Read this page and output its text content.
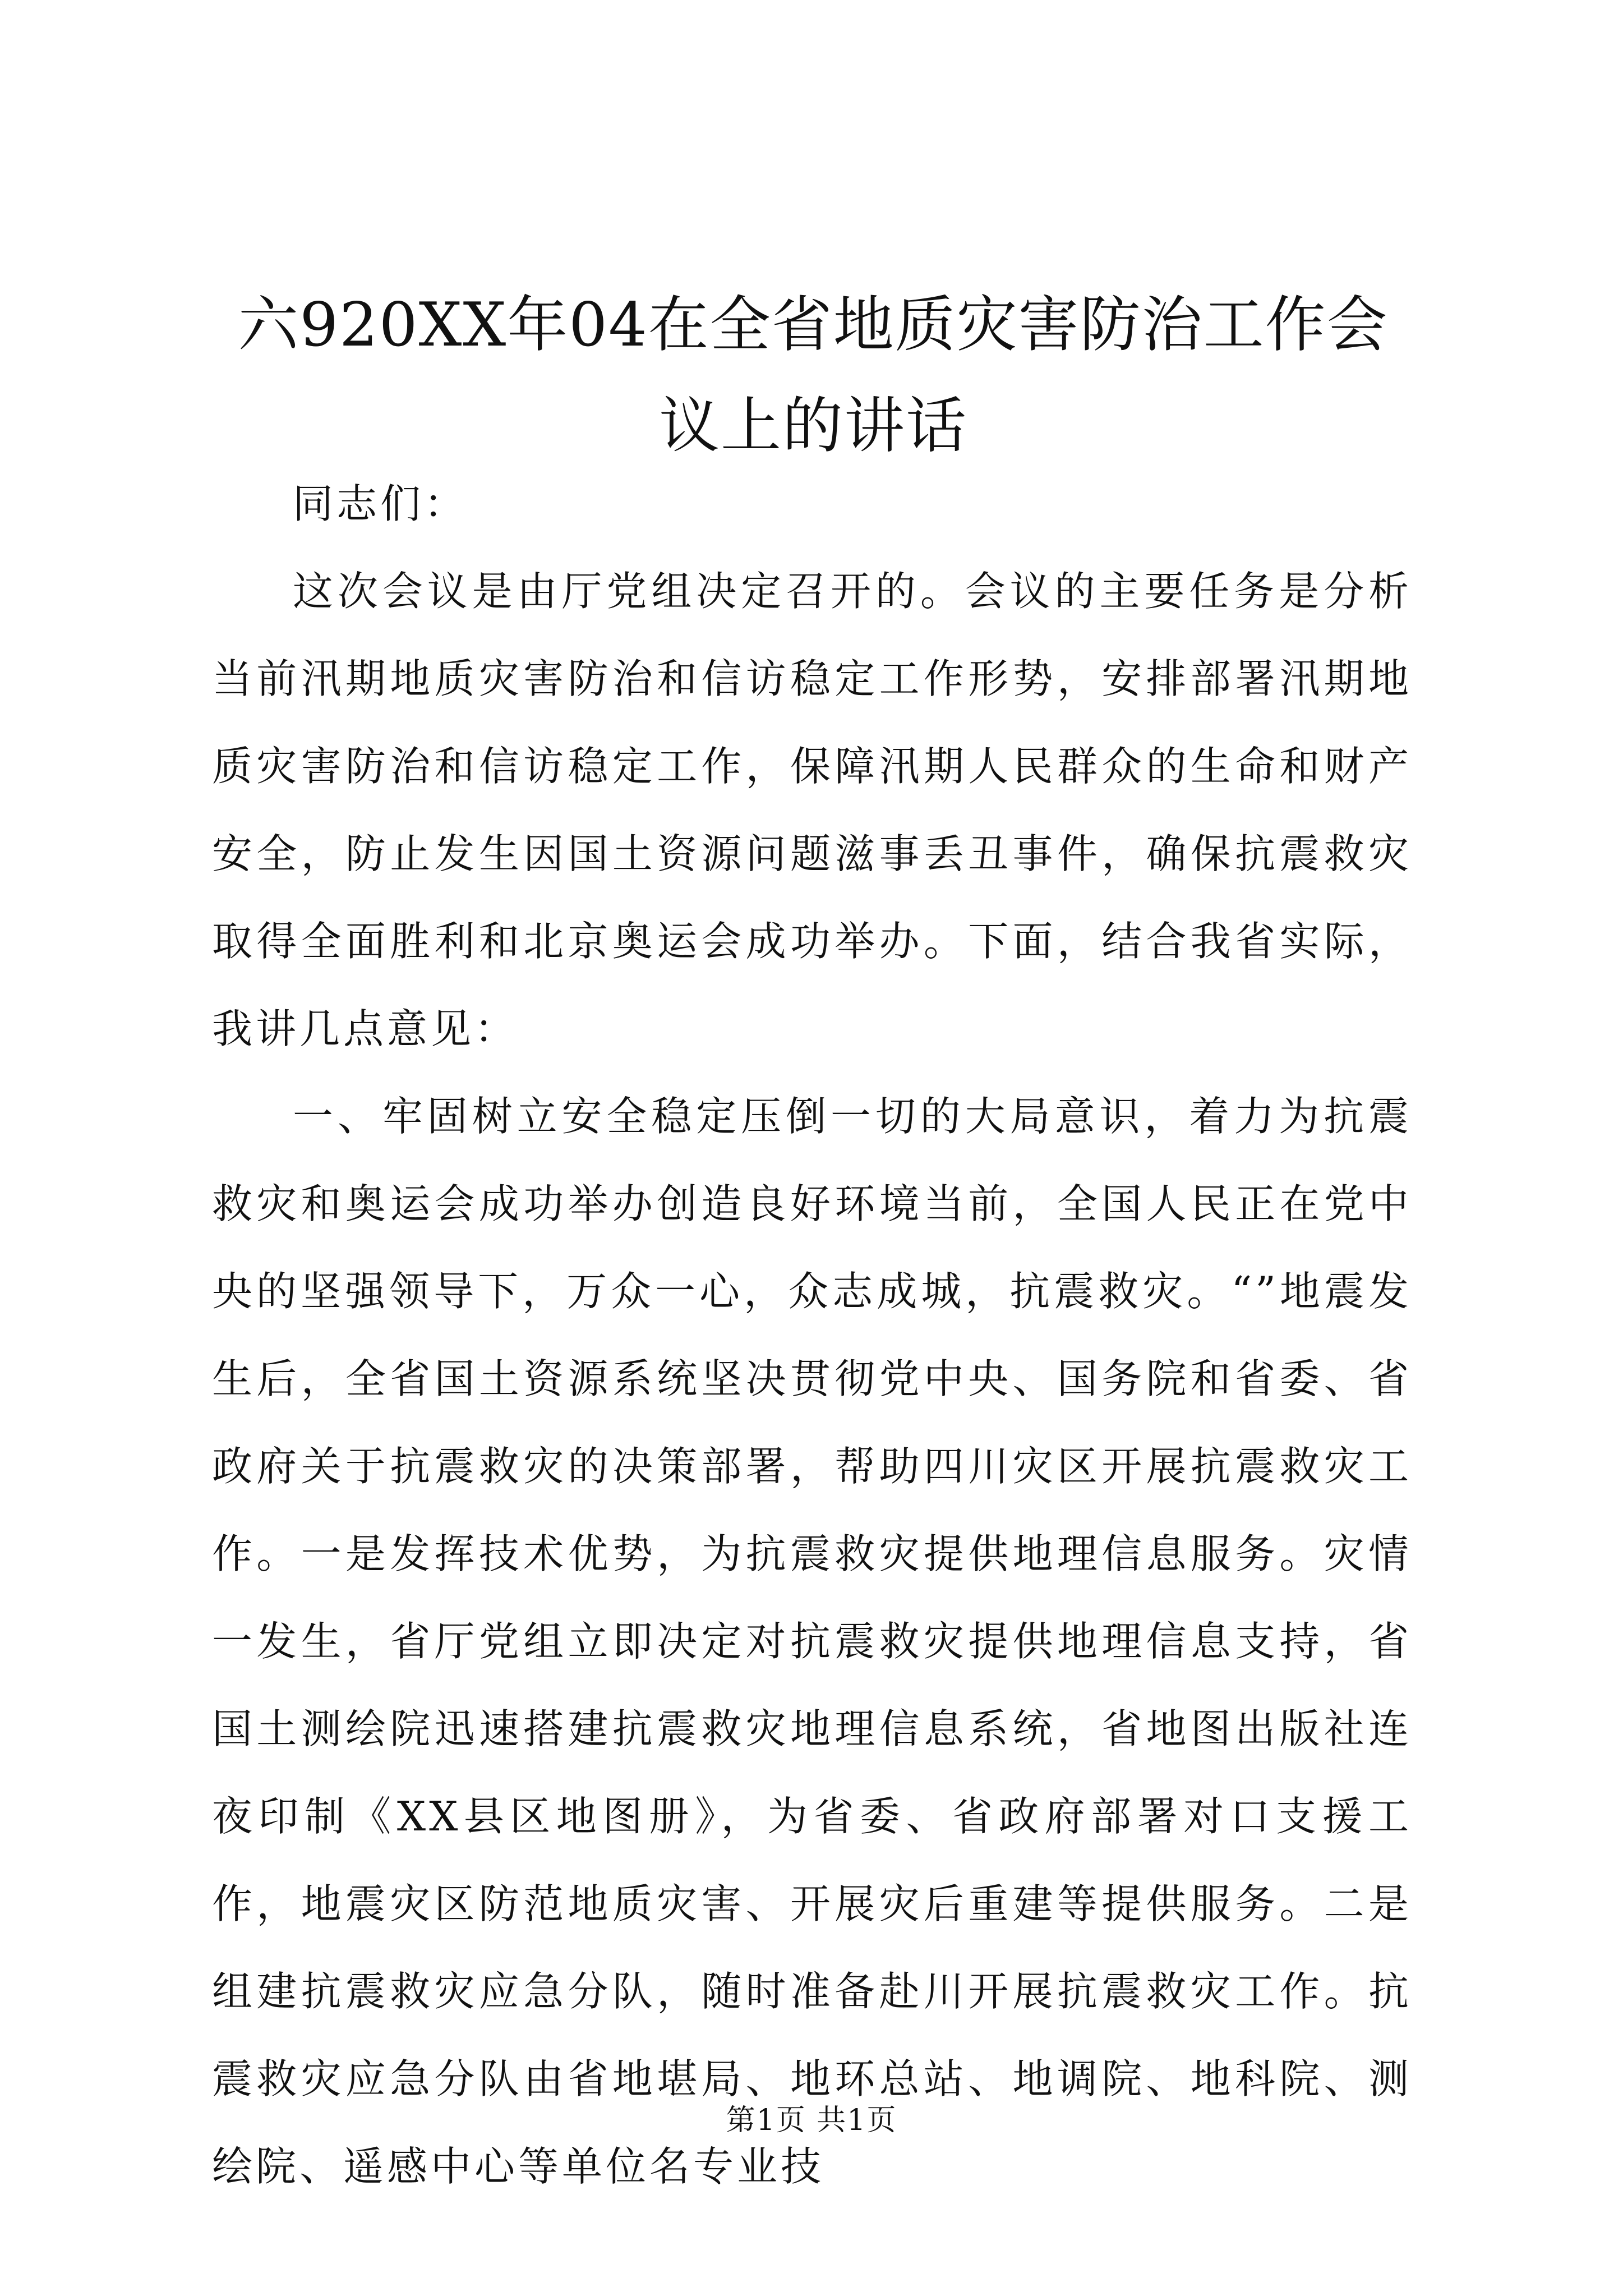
六920XX年04在全省地质灾害防治工作会议上的讲话

同志们：

这次会议是由厅党组决定召开的。会议的主要任务是分析当前汛期地质灾害防治和信访稳定工作形势，安排部署汛期地质灾害防治和信访稳定工作，保障汛期人民群众的生命和财产安全，防止发生因国土资源问题滋事丢丑事件，确保抗震救灾取得全面胜利和北京奥运会成功举办。下面，结合我省实际，我讲几点意见：

一、牢固树立安全稳定压倒一切的大局意识，着力为抗震救灾和奥运会成功举办创造良好环境当前，全国人民正在党中央的坚强领导下，万众一心，众志成城，抗震救灾。“”地震发生后，全省国土资源系统坚决贯彻党中央、国务院和省委、省政府关于抗震救灾的决策部署，帮助四川灾区开展抗震救灾工作。一是发挥技术优势，为抗震救灾提供地理信息服务。灾情一发生，省厅党组立即决定对抗震救灾提供地理信息支持，省国土测绘院迅速搭建抗震救灾地理信息系统，省地图出版社连夜印制《XX县区地图册》，为省委、省政府部署对口支援工作，地震灾区防范地质灾害、开展灾后重建等提供服务。二是组建抗震救灾应急分队，随时准备赴川开展抗震救灾工作。抗震救灾应急分队由省地堪局、地环总站、地调院、地科院、测绘院、遥感中心等单位名专业技

第1页 共1页
